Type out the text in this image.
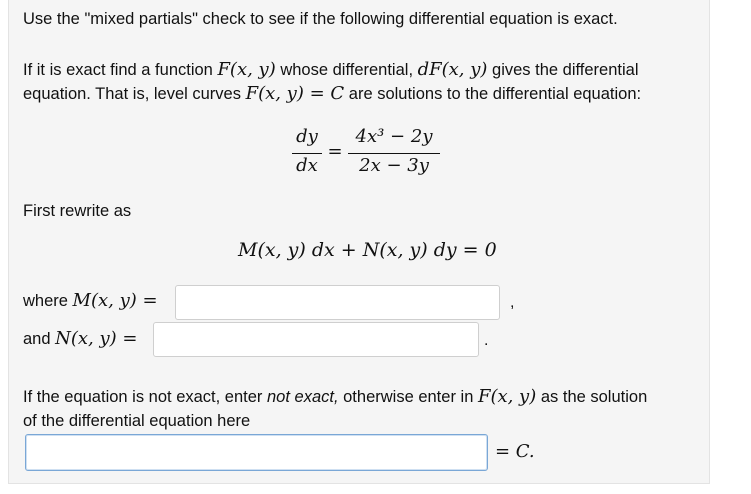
Use the "mixed partials" check to see if the following differential equation is exact.
If it is exact find a function F(x, y) whose differential, dF(x, y) gives the differential
equation. That is, level curves F(x, y) = C are solutions to the differential equation:
dy
dx
=
4x³ − 2y
2x − 3y
First rewrite as
M(x, y) dx + N(x, y) dy = 0
where M(x, y) =	,
and N(x, y) =	.
If the equation is not exact, enter not exact, otherwise enter in F(x, y) as the solution
of the differential equation here
= C.
